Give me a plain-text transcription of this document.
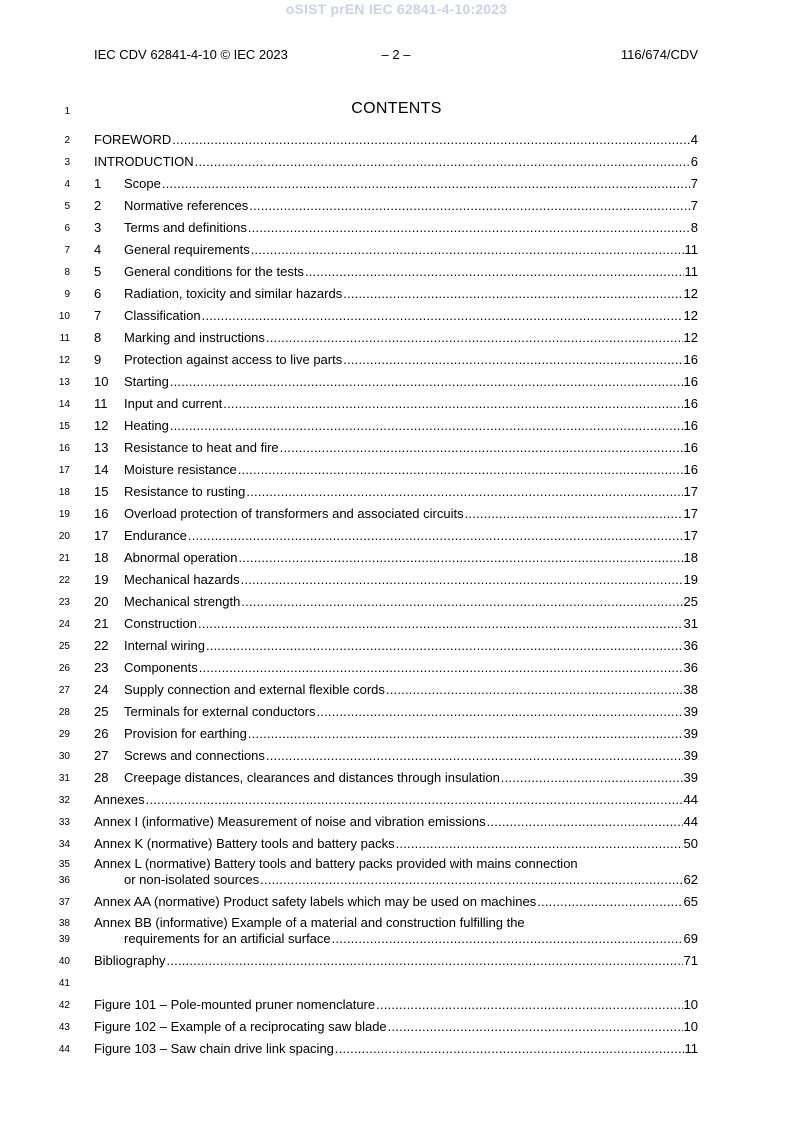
oSIST prEN IEC 62841-4-10:2023
IEC CDV 62841-4-10 © IEC 2023	– 2 –	116/674/CDV
1	CONTENTS
2 FOREWORD .....	4
3 INTRODUCTION .....	6
4 1	Scope .....	7
5 2	Normative references .....	7
6 3	Terms and definitions .....	8
7 4	General requirements .....	11
8 5	General conditions for the tests .....	11
9 6	Radiation, toxicity and similar hazards .....	12
10 7	Classification .....	12
11 8	Marking and instructions .....	12
12 9	Protection against access to live parts .....	16
13 10	Starting .....	16
14 11	Input and current .....	16
15 12	Heating .....	16
16 13	Resistance to heat and fire .....	16
17 14	Moisture resistance .....	16
18 15	Resistance to rusting .....	17
19 16	Overload protection of transformers and associated circuits .....	17
20 17	Endurance .....	17
21 18	Abnormal operation .....	18
22 19	Mechanical hazards .....	19
23 20	Mechanical strength .....	25
24 21	Construction .....	31
25 22	Internal wiring .....	36
26 23	Components .....	36
27 24	Supply connection and external flexible cords .....	38
28 25	Terminals for external conductors .....	39
29 26	Provision for earthing .....	39
30 27	Screws and connections .....	39
31 28	Creepage distances, clearances and distances through insulation .....	39
32 Annexes .....	44
33 Annex I (informative) Measurement of noise and vibration emissions .....	44
34 Annex K (normative) Battery tools and battery packs .....	50
35 Annex L (normative) Battery tools and battery packs provided with mains connection
36	or non-isolated sources .....	62
37 Annex AA (normative) Product safety labels which may be used on machines .....	65
38 Annex BB (informative) Example of a material and construction fulfilling the
39	requirements for an artificial surface .....	69
40 Bibliography .....	71
41
42 Figure 101 – Pole-mounted pruner nomenclature .....	10
43 Figure 102 – Example of a reciprocating saw blade .....	10
44 Figure 103 – Saw chain drive link spacing .....	11
